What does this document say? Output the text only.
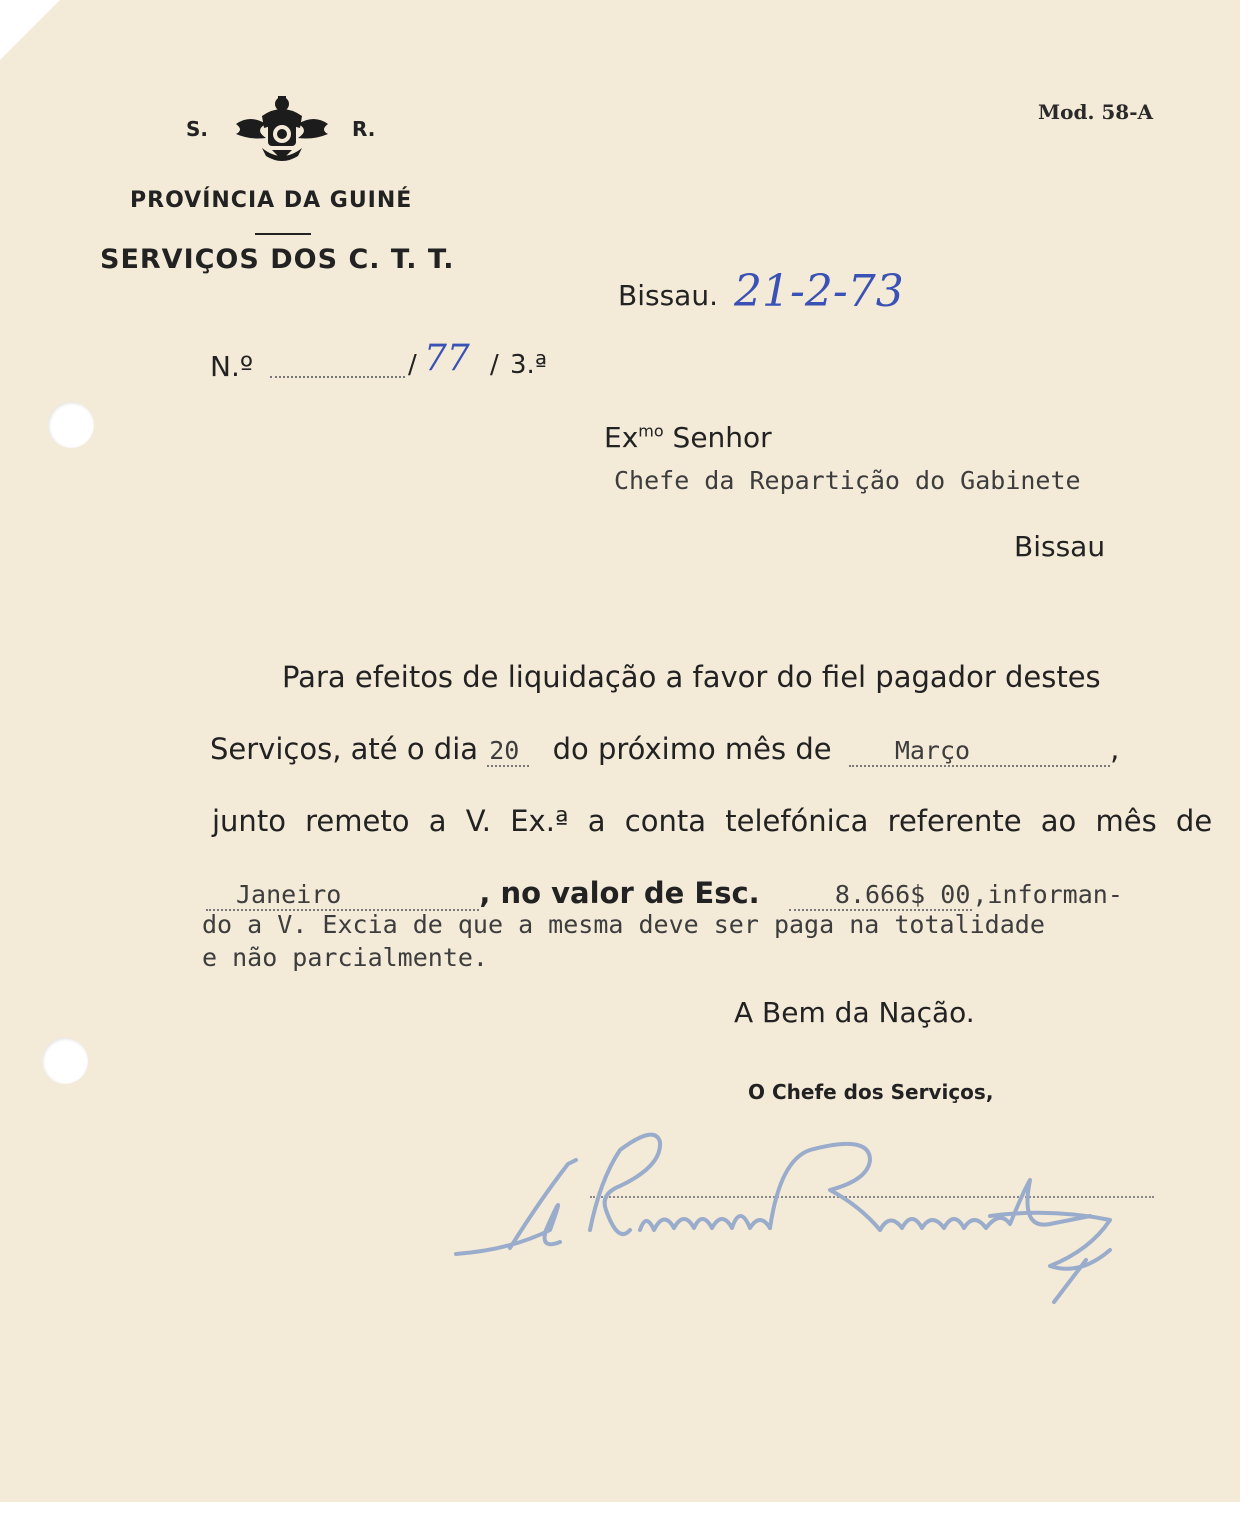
S.	R.
PROVÍNCIA DA GUINÉ
SERVIÇOS DOS C. T. T.
Mod. 58-A
Bissau. 21-2-73
N.º	/ 77 / 3.ª
$Ex^{mo}$ Senhor
Chefe da Repartição do Gabinete
Bissau
Para efeitos de liquidação a favor do fiel pagador destes
Serviços, até o dia 20 do próximo mês de	Março	,
junto remeto a V. Ex.ª a conta telefónica referente ao mês de
Janeiro	, no valor de Esc.	8.666$ 00,informan-
do a V. Excia de que a mesma deve ser paga na totalidade
e não parcialmente.
A Bem da Nação.
O Chefe dos Serviços,
